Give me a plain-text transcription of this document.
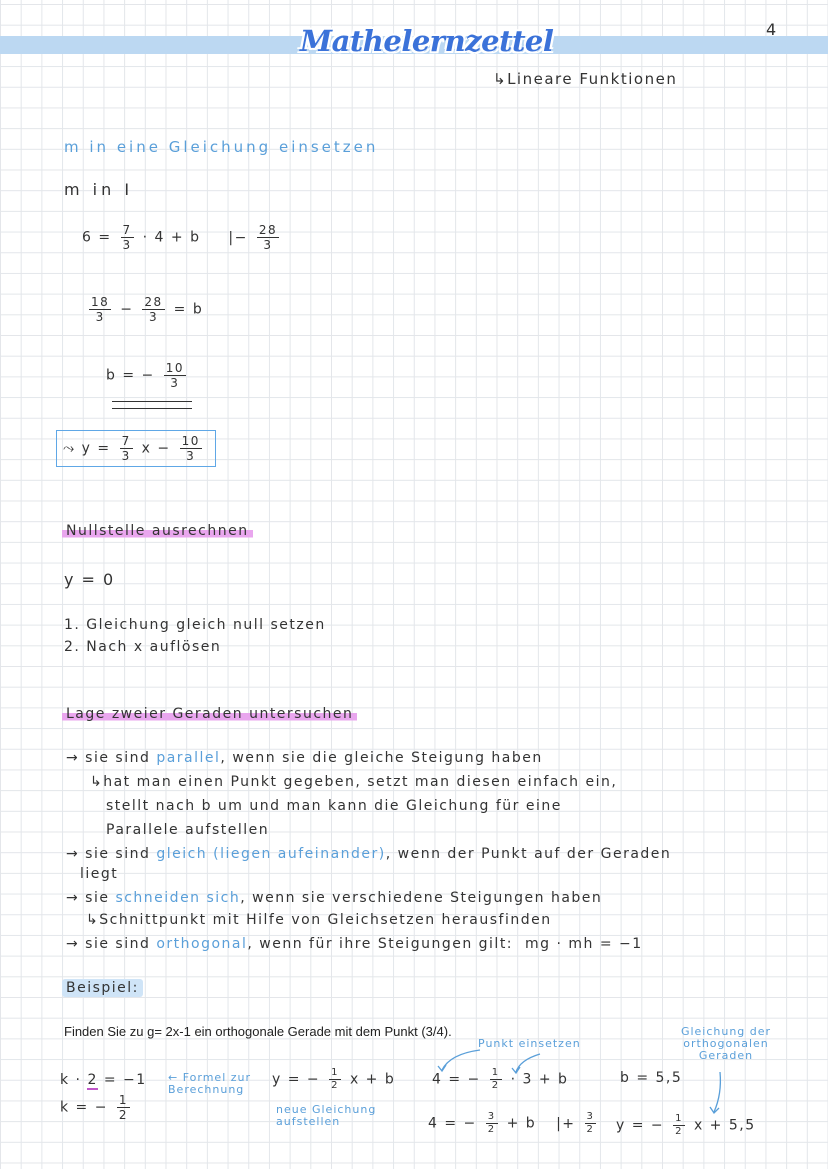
Mathelernzettel	4
↳Lineare Funktionen
m in eine Gleichung einsetzen
m in I
$6 = \frac{7}{3} \cdot 4 + b$ |− $\frac{28}{3}$
$\frac{18}{3} - \frac{28}{3} = b$
b = − $\frac{10}{3}$
⤳ $y = \frac{7}{3}$ $x - \frac{10}{3}$
Nullstelle ausrechnen
y = 0
1. Gleichung gleich null setzen
2. Nach x auflösen
Lage zweier Geraden untersuchen
→ sie sind parallel, wenn sie die gleiche Steigung haben
↳hat man einen Punkt gegeben, setzt man diesen einfach ein,
stellt nach b um und man kann die Gleichung für eine
Parallele aufstellen
→ sie sind gleich (liegen aufeinander), wenn der Punkt auf der Geraden
liegt
→ sie schneiden sich, wenn sie verschiedene Steigungen haben
↳Schnittpunkt mit Hilfe von Gleichsetzen herausfinden
→ sie sind orthogonal, wenn für ihre Steigungen gilt: mg · mh = −1
Beispiel:
Finden Sie zu g= 2x-1 ein orthogonale Gerade mit dem Punkt (3/4).
k · 2 = −1 ← Formel zur Berechnung
k = − $\frac{1}{2}$
y = − $\frac{1}{2}$ x + b
neue Gleichung aufstellen
Punkt einsetzen
4 = − $\frac{1}{2} \cdot 3 + b$
4 = − $\frac{3}{2} + b$ |+ $\frac{3}{2}$
b = 5,5
Gleichung der orthogonalen Geraden
y = − $\frac{1}{2}$ x + 5,5
